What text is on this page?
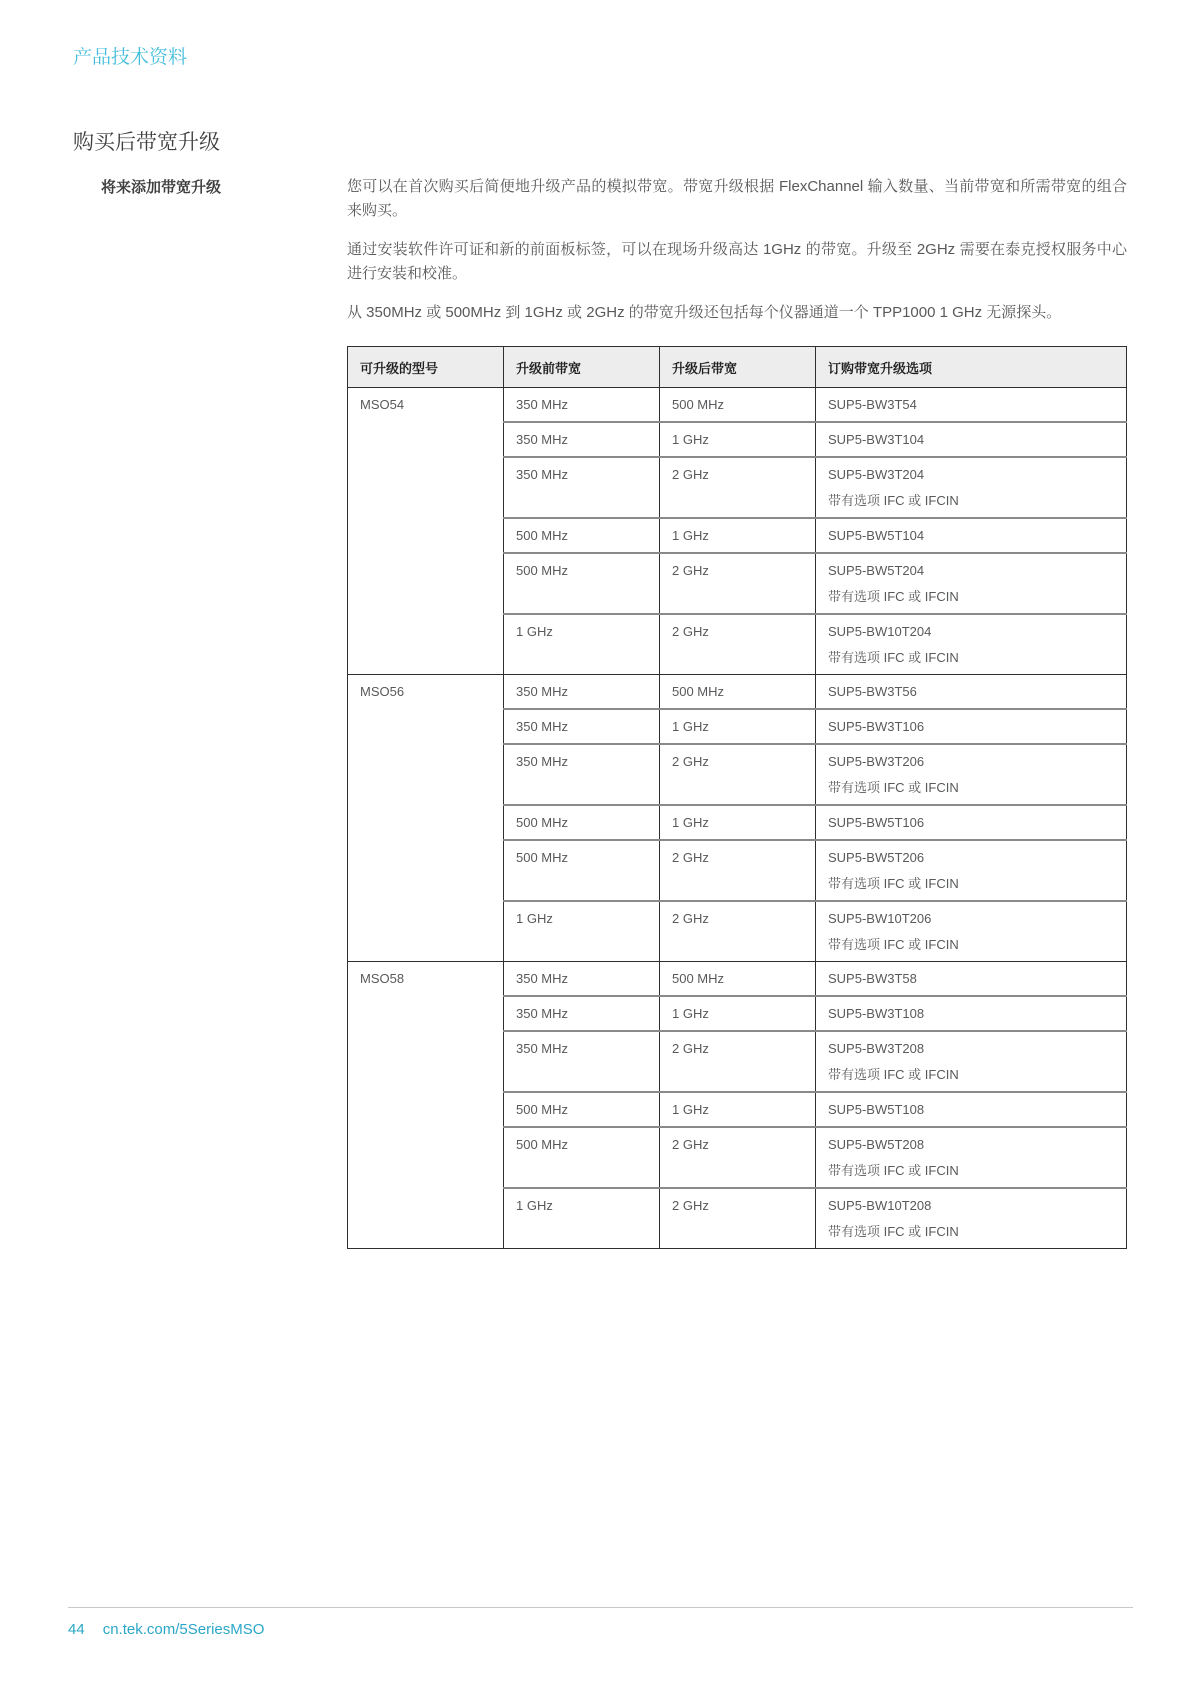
产品技术资料
购买后带宽升级
将来添加带宽升级	您可以在首次购买后简便地升级产品的模拟带宽。带宽升级根据 FlexChannel 输入数量、当前带宽和所需带宽的组合来购买。

通过安装软件许可证和新的前面板标签，可以在现场升级高达 1GHz 的带宽。升级至 2GHz 需要在泰克授权服务中心进行安装和校准。

从 350MHz 或 500MHz 到 1GHz 或 2GHz 的带宽升级还包括每个仪器通道一个 TPP1000 1 GHz 无源探头。

可升级的型号	升级前带宽	升级后带宽	订购带宽升级选项
MSO54	350 MHz	500 MHz	SUP5-BW3T54

	350 MHz	1 GHz	SUP5-BW3T104

	350 MHz	2 GHz	SUP5-BW3T204
带有选项 IFC 或 IFCIN

	500 MHz	1 GHz	SUP5-BW5T104

	500 MHz	2 GHz	SUP5-BW5T204
带有选项 IFC 或 IFCIN

	1 GHz	2 GHz	SUP5-BW10T204
带有选项 IFC 或 IFCIN

MSO56	350 MHz	500 MHz	SUP5-BW3T56

	350 MHz	1 GHz	SUP5-BW3T106

	350 MHz	2 GHz	SUP5-BW3T206
带有选项 IFC 或 IFCIN

	500 MHz	1 GHz	SUP5-BW5T106

	500 MHz	2 GHz	SUP5-BW5T206
带有选项 IFC 或 IFCIN

	1 GHz	2 GHz	SUP5-BW10T206
带有选项 IFC 或 IFCIN

MSO58	350 MHz	500 MHz	SUP5-BW3T58

	350 MHz	1 GHz	SUP5-BW3T108

	350 MHz	2 GHz	SUP5-BW3T208
带有选项 IFC 或 IFCIN

	500 MHz	1 GHz	SUP5-BW5T108

	500 MHz	2 GHz	SUP5-BW5T208
带有选项 IFC 或 IFCIN

	1 GHz	2 GHz	SUP5-BW10T208
带有选项 IFC 或 IFCIN
44 cn.tek.com/5SeriesMSO
